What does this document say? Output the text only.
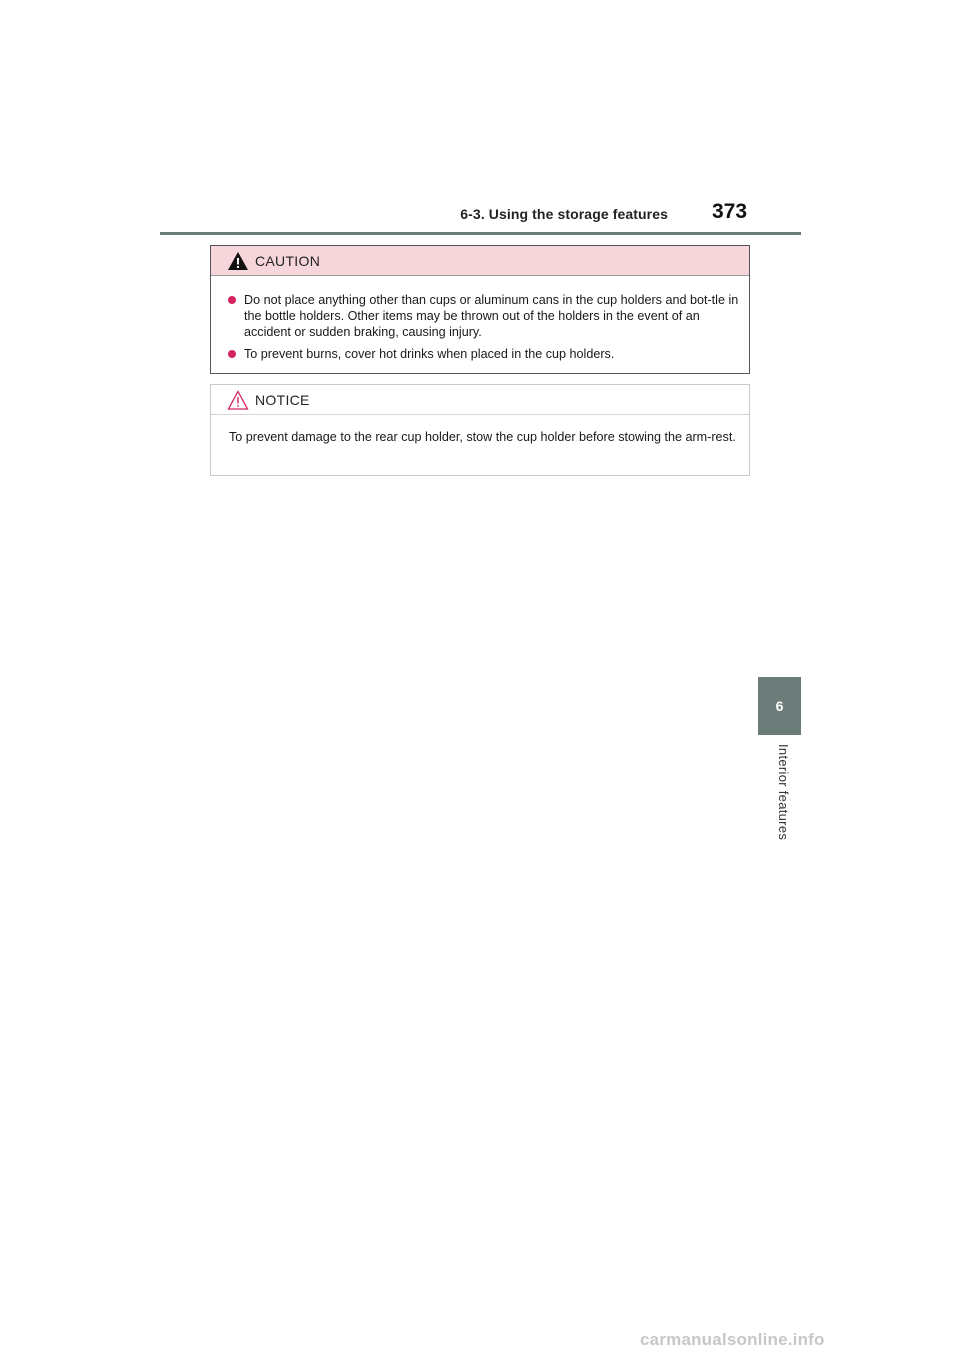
6-3. Using the storage features 373
CAUTION
Do not place anything other than cups or aluminum cans in the cup holders and bot-tle in the bottle holders. Other items may be thrown out of the holders in the event of an accident or sudden braking, causing injury.
To prevent burns, cover hot drinks when placed in the cup holders.
NOTICE
To prevent damage to the rear cup holder, stow the cup holder before stowing the arm-rest.
6
Interior features
carmanualsonline.info
